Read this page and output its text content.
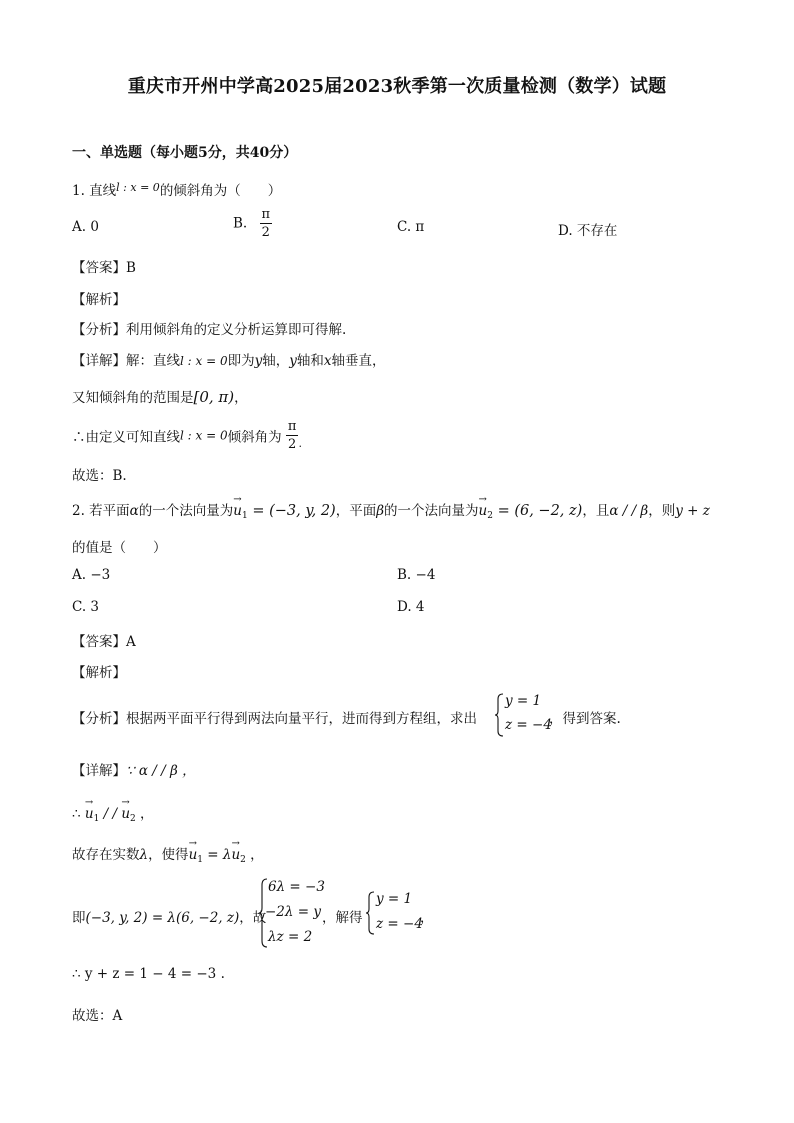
重庆市开州中学高2025届2023秋季第一次质量检测（数学）试题
一、单选题（每小题5分，共40分）
1. 直线$^{l : x = 0}$的倾斜角为（　　）
A. 0	B. $\frac{\pi}{2}$	C. π	D. 不存在
【答案】B
【解析】
【分析】利用倾斜角的定义分析运算即可得解.
【详解】解：直线l : x = 0即为y轴，y轴和x轴垂直，
又知倾斜角的范围是[0, π)，
∴由定义可知直线l : x = 0倾斜角为 $\frac{\pi}{2} _.$
故选：B.
2. 若平面α的一个法向量为
→
$u_1 = (-3$, y, 2)，平面β的一个法向量为
→
$u_2 = (6$, −2, z)，且α / / β，则y + z
的值是（　　）
A. −3	B. −4
C. 3	D. 4
【答案】A
【解析】
【分析】根据两平面平行得到两法向量平行，进而得到方程组，求出
y = 1
z = −4
，得到答案.
【详解】∵ α / / β ，
∴
→
$u_1$ / /
→
$u_2$ ，
故存在实数λ，使得
→
$u_1 = \lambda$
→
$u_2$ ，
即(−3, y, 2) = λ(6, −2, z)，故
6λ = −3
−2λ = y
λz = 2
，解得
y = 1
z = −4
，
∴ y + z = 1 − 4 = −3 .
故选：A
